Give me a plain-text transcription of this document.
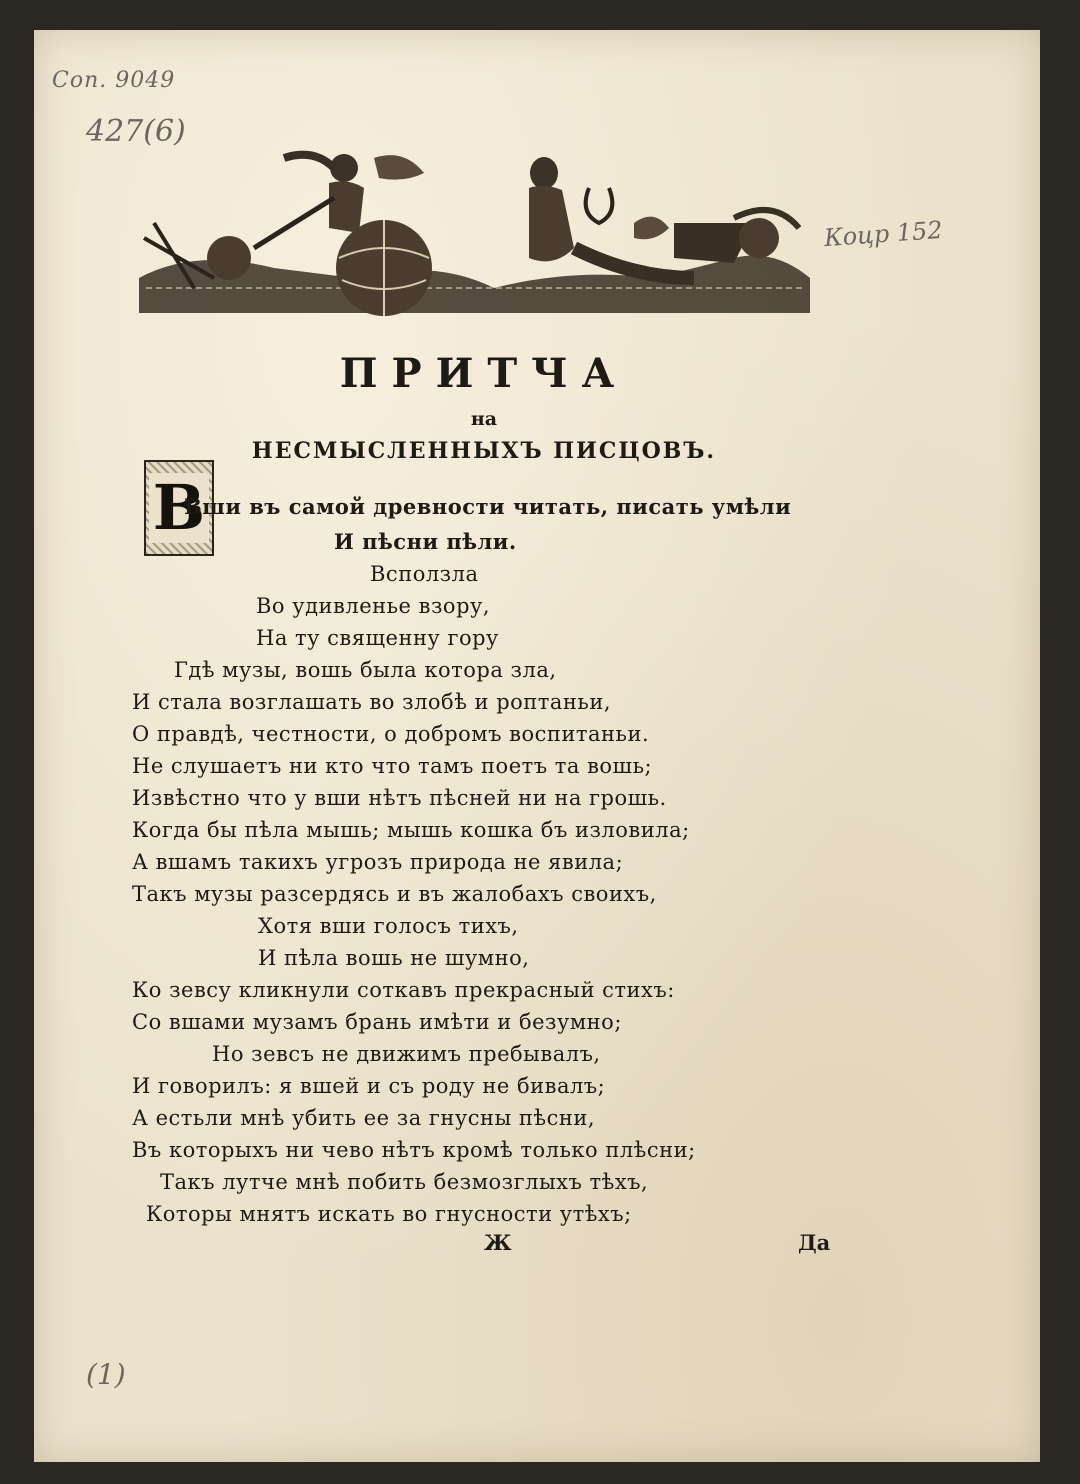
Соп. 9049
427(6)
Коцр 152
(1)
ПРИТЧА
на
НЕСМЫСЛЕННЫХЪ ПИСЦОВЪ.
В
Вши въ самой древности читать, писать умѣли
И пѣсни пѣли.
Всползла
Во удивленье взору,
На ту священну гору
Гдѣ музы, вошь была котора зла,
И стала возглашать во злобѣ и роптаньи,
О правдѣ, честности, о добромъ воспитаньи.
Не слушаетъ ни кто что тамъ поетъ та вошь;
Извѣстно что у вши нѣтъ пѣсней ни на грошь.
Когда бы пѣла мышь; мышь кошка бъ изловила;
А вшамъ такихъ угрозъ природа не явила;
Такъ музы разсердясь и въ жалобахъ своихъ,
Хотя вши голосъ тихъ,
И пѣла вошь не шумно,
Ко зевсу кликнули соткавъ прекрасный стихъ:
Со вшами музамъ брань имѣти и безумно;
Но зевсъ не движимъ пребывалъ,
И говорилъ: я вшей и съ роду не бивалъ;
А естьли мнѣ убить ее за гнусны пѣсни,
Въ которыхъ ни чево нѣтъ кромѣ только плѣсни;
Такъ лутче мнѣ побить безмозглыхъ тѣхъ,
Которы мнятъ искать во гнусности утѣхъ;
Ж	Да
